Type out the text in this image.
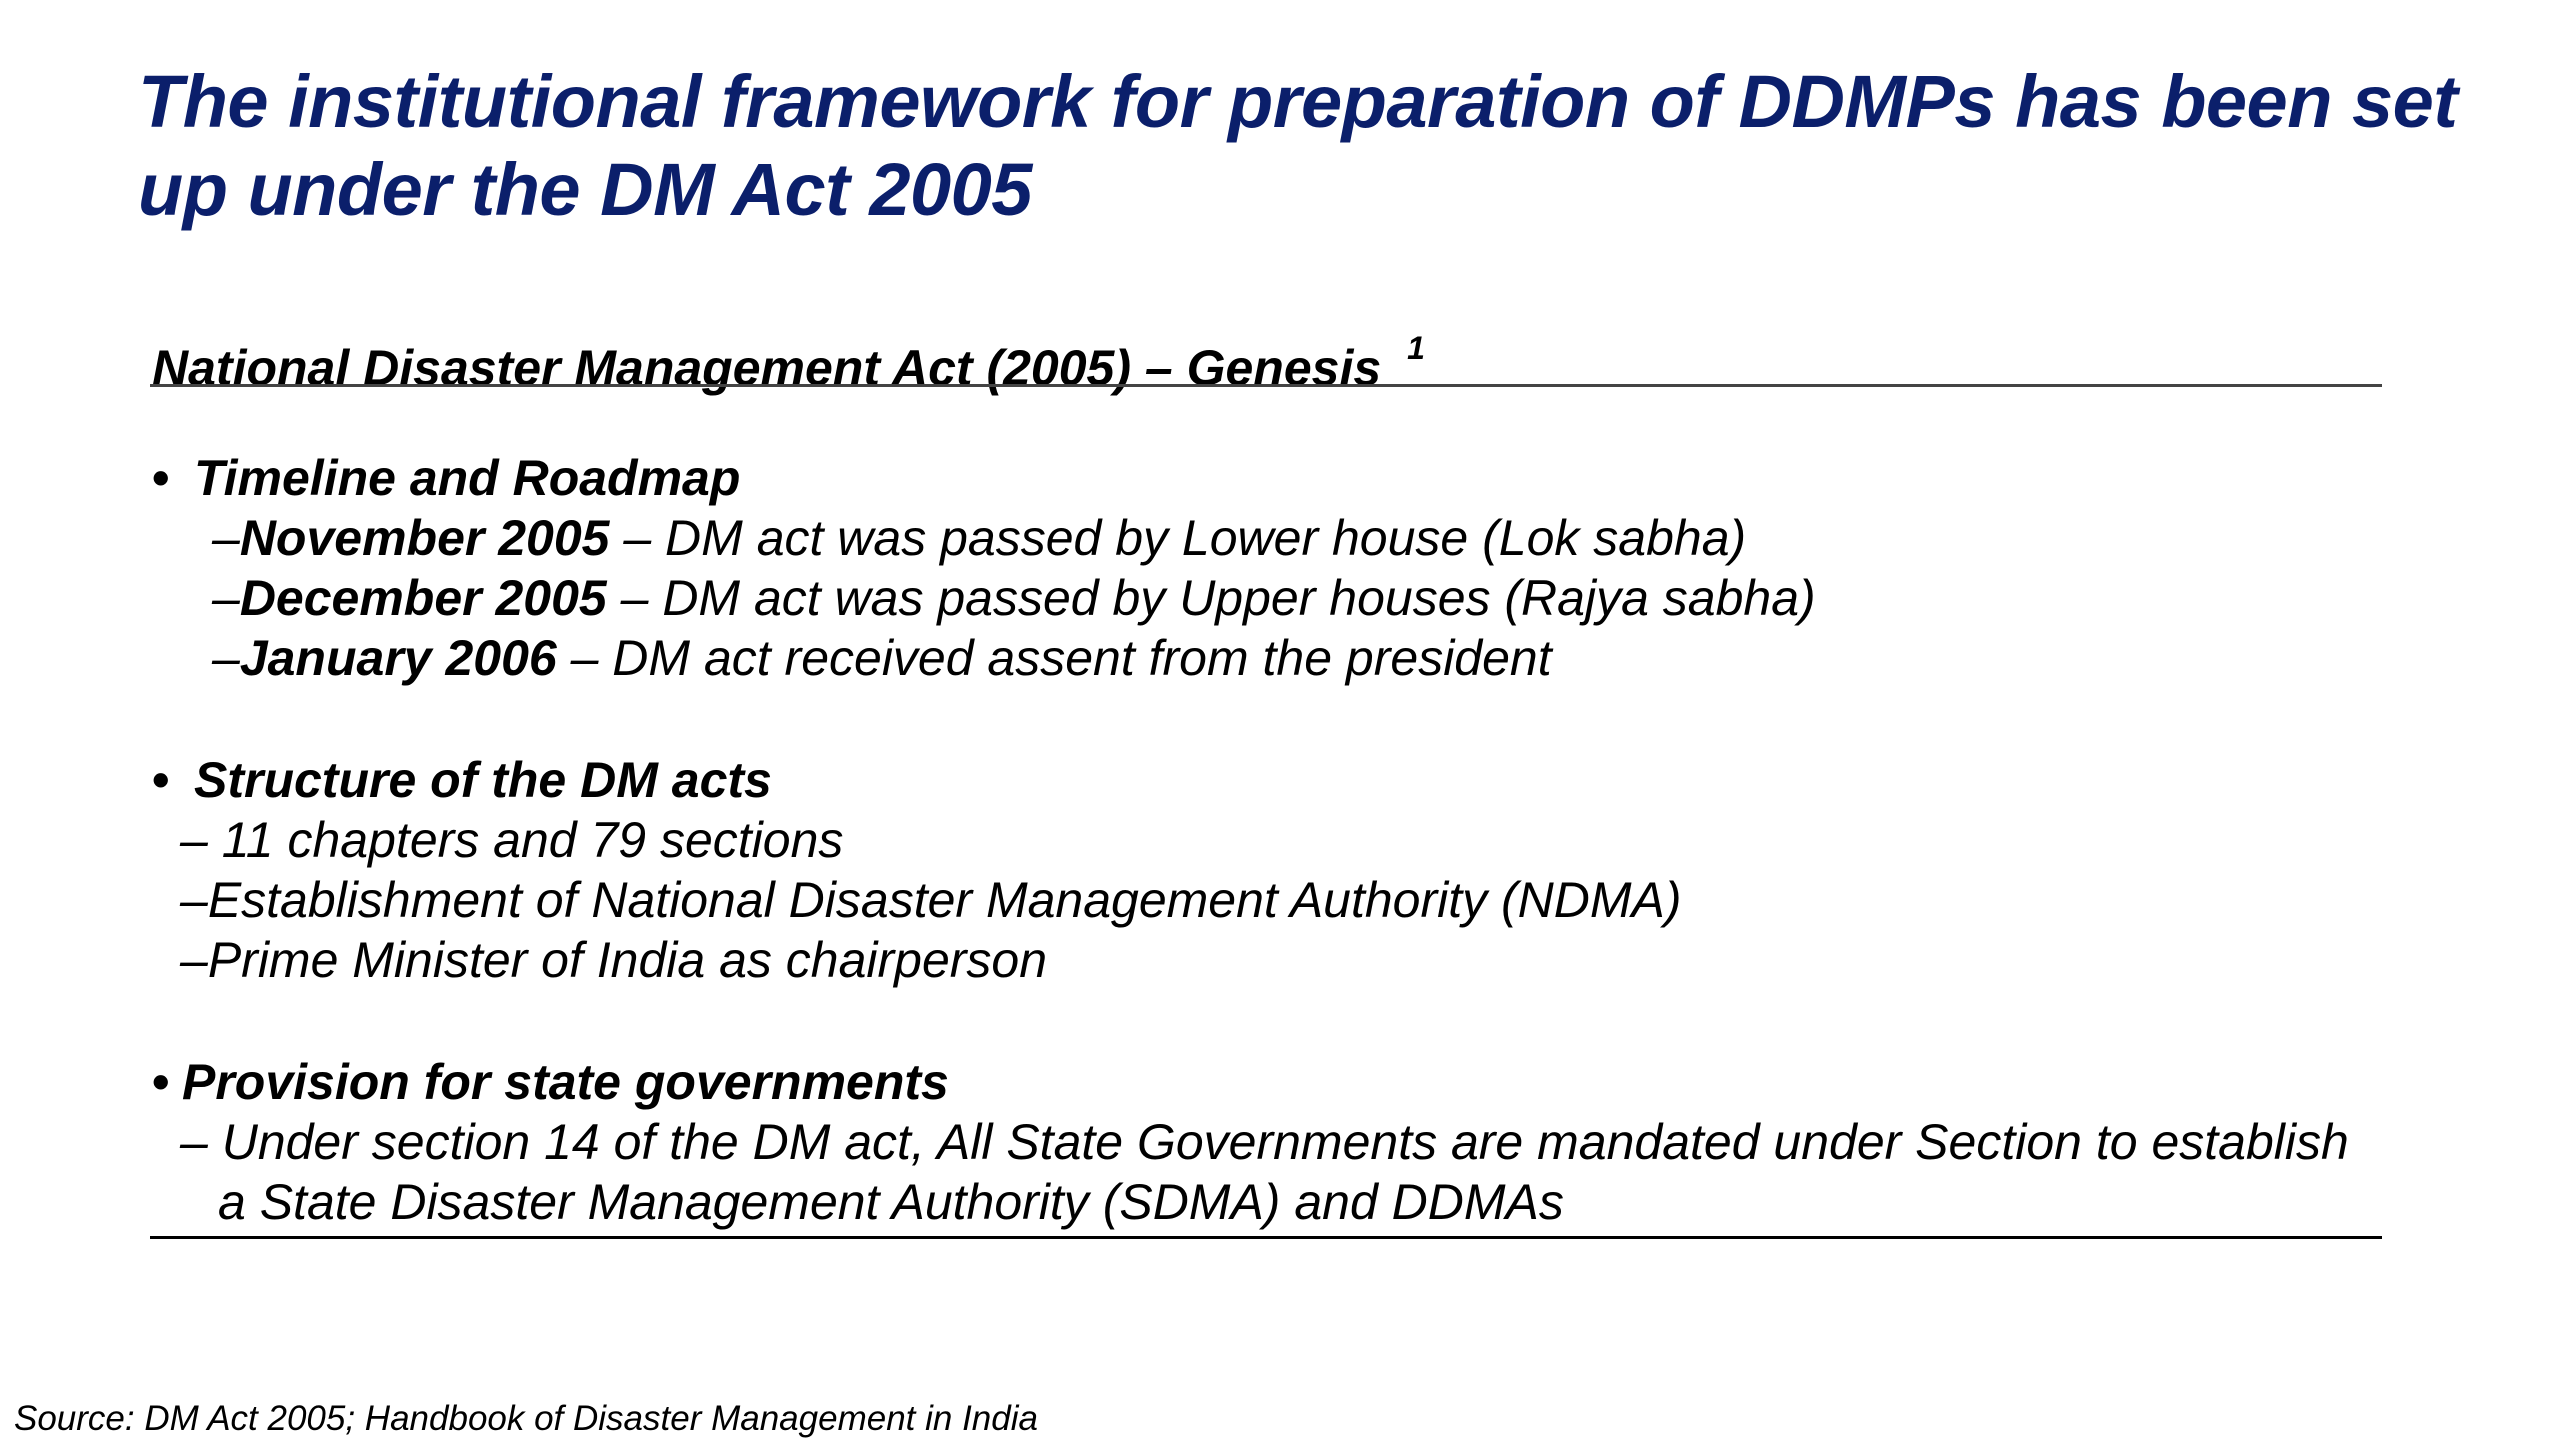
The institutional framework for preparation of DDMPs has been set up under the DM Act 2005
National Disaster Management Act (2005) – Genesis $^1$
• Timeline and Roadmap
–November 2005 – DM act was passed by Lower house (Lok sabha)
–December 2005 – DM act was passed by Upper houses (Rajya sabha)
–January 2006 – DM act received assent from the president
• Structure of the DM acts
– 11 chapters and 79 sections
–Establishment of National Disaster Management Authority (NDMA)
–Prime Minister of India as chairperson
• Provision for state governments
– Under section 14 of the DM act, All State Governments are mandated under Section to establish
a State Disaster Management Authority (SDMA) and DDMAs
Source: DM Act 2005; Handbook of Disaster Management in India
